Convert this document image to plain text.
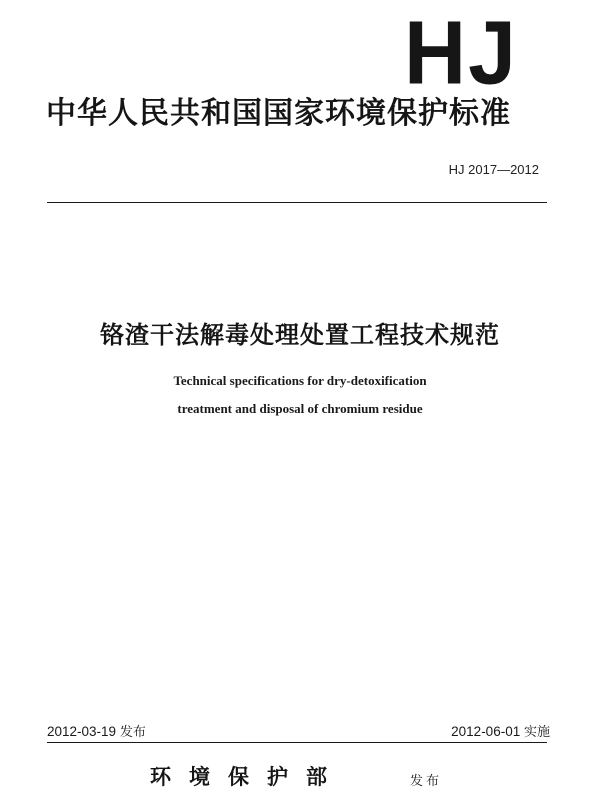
HJ
中华人民共和国国家环境保护标准
HJ 2017—2012
铬渣干法解毒处理处置工程技术规范
Technical specifications for dry-detoxification
treatment and disposal of chromium residue
2012-03-19 发布	2012-06-01 实施
环境保护部	发布
